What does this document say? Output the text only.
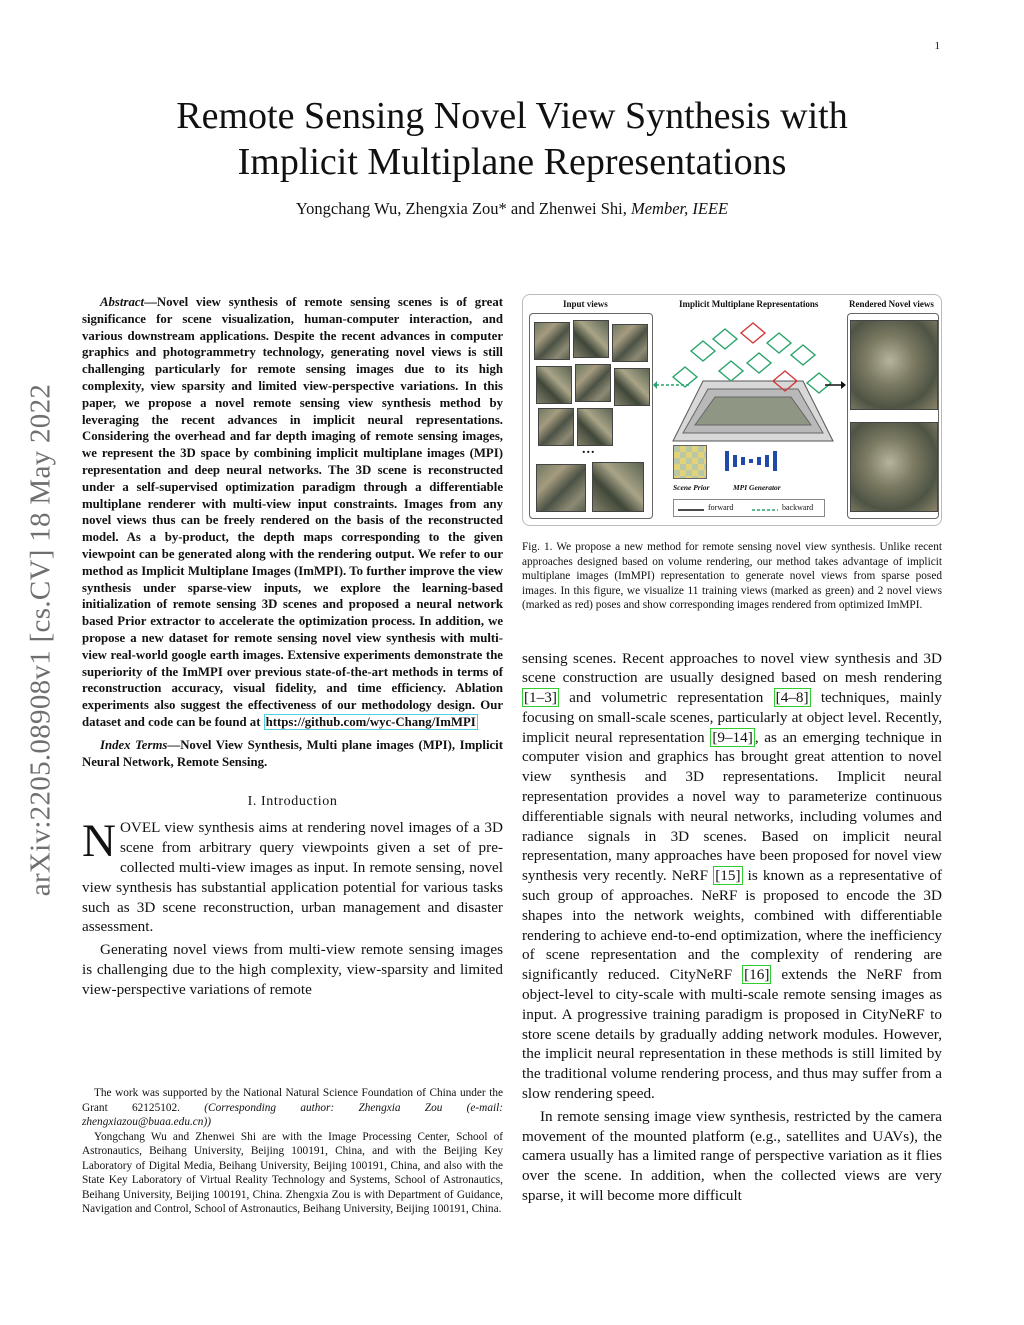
1
arXiv:2205.08908v1 [cs.CV] 18 May 2022
Remote Sensing Novel View Synthesis with
Implicit Multiplane Representations
Yongchang Wu, Zhengxia Zou* and Zhenwei Shi, Member, IEEE

Abstract—Novel view synthesis of remote sensing scenes is of great significance for scene visualization, human-computer interaction, and various downstream applications. Despite the recent advances in computer graphics and photogrammetry technology, generating novel views is still challenging particularly for remote sensing images due to its high complexity, view sparsity and limited view-perspective variations. In this paper, we propose a novel remote sensing view synthesis method by leveraging the recent advances in implicit neural representations. Considering the overhead and far depth imaging of remote sensing images, we represent the 3D space by combining implicit multiplane images (MPI) representation and deep neural networks. The 3D scene is reconstructed under a self-supervised optimization paradigm through a differentiable multiplane renderer with multi-view input constraints. Images from any novel views thus can be freely rendered on the basis of the reconstructed model. As a by-product, the depth maps corresponding to the given viewpoint can be generated along with the rendering output. We refer to our method as Implicit Multiplane Images (ImMPI). To further improve the view synthesis under sparse-view inputs, we explore the learning-based initialization of remote sensing 3D scenes and proposed a neural network based Prior extractor to accelerate the optimization process. In addition, we propose a new dataset for remote sensing novel view synthesis with multi-view real-world google earth images. Extensive experiments demonstrate the superiority of the ImMPI over previous state-of-the-art methods in terms of reconstruction accuracy, visual fidelity, and time efficiency. Ablation experiments also suggest the effectiveness of our methodology design. Our dataset and code can be found at https://github.com/wyc-Chang/ImMPI

Index Terms—Novel View Synthesis, Multi plane images (MPI), Implicit Neural Network, Remote Sensing.

I. Introduction

NOVEL view synthesis aims at rendering novel images of a 3D scene from arbitrary query viewpoints given a set of pre-collected multi-view images as input. In remote sensing, novel view synthesis has substantial application potential for various tasks such as 3D scene reconstruction, urban management and disaster assessment.

Generating novel views from multi-view remote sensing images is challenging due to the high complexity, view-sparsity and limited view-perspective variations of remote

The work was supported by the National Natural Science Foundation of China under the Grant 62125102. (Corresponding author: Zhengxia Zou (e-mail: zhengxiazou@buaa.edu.cn))

Yongchang Wu and Zhenwei Shi are with the Image Processing Center, School of Astronautics, Beihang University, Beijing 100191, China, and with the Beijing Key Laboratory of Digital Media, Beihang University, Beijing 100191, China, and also with the State Key Laboratory of Virtual Reality Technology and Systems, School of Astronautics, Beihang University, Beijing 100191, China. Zhengxia Zou is with Department of Guidance, Navigation and Control, School of Astronautics, Beihang University, Beijing 100191, China.

Input views	Implicit Multiplane Representations	Rendered Novel views
...
Scene Prior	MPI Generator
forward	backward

Fig. 1. We propose a new method for remote sensing novel view synthesis. Unlike recent approaches designed based on volume rendering, our method takes advantage of implicit multiplane images (ImMPI) representation to generate novel views from sparse posed images. In this figure, we visualize 11 training views (marked as green) and 2 novel views (marked as red) poses and show corresponding images rendered from optimized ImMPI.

sensing scenes. Recent approaches to novel view synthesis and 3D scene construction are usually designed based on mesh rendering [1–3] and volumetric representation [4–8] techniques, mainly focusing on small-scale scenes, particularly at object level. Recently, implicit neural representation [9–14] , as an emerging technique in computer vision and graphics has brought great attention to novel view synthesis and 3D representations. Implicit neural representation provides a novel way to parameterize continuous differentiable signals with neural networks, including volumes and radiance signals in 3D scenes. Based on implicit neural representation, many approaches have been proposed for novel view synthesis very recently. NeRF [15] is known as a representative of such group of approaches. NeRF is proposed to encode the 3D shapes into the network weights, combined with differentiable rendering to achieve end-to-end optimization, where the inefficiency of scene representation and the complexity of rendering are significantly reduced. CityNeRF [16] extends the NeRF from object-level to city-scale with multi-scale remote sensing images as input. A progressive training paradigm is proposed in CityNeRF to store scene details by gradually adding network modules. However, the implicit neural representation in these methods is still limited by the traditional volume rendering process, and thus may suffer from a slow rendering speed.

In remote sensing image view synthesis, restricted by the camera movement of the mounted platform (e.g., satellites and UAVs), the camera usually has a limited range of perspective variation as it flies over the scene. In addition, when the collected views are very sparse, it will become more difficult
